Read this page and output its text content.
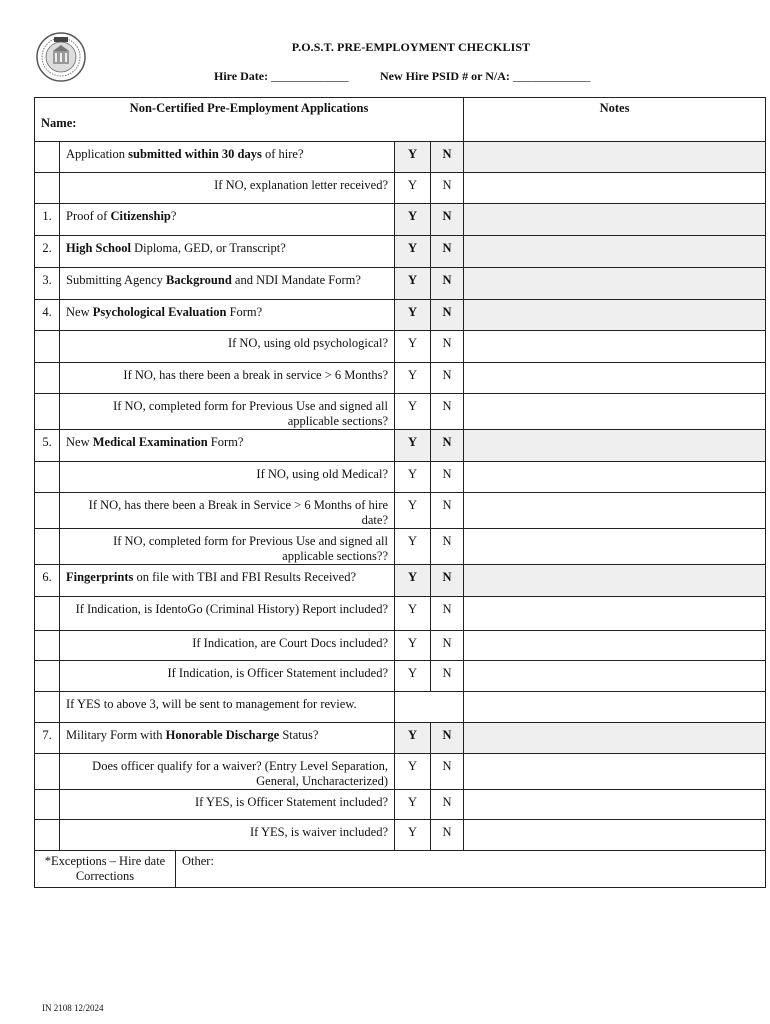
P.O.S.T. PRE-EMPLOYMENT CHECKLIST
Hire Date: ______________	New Hire PSID # or N/A: ______________
Non-Certified Pre-Employment Applications
Name:					Notes
	Application submitted within 30 days of hire?		Y	N	
	If NO, explanation letter received?		Y	N	
1.	Proof of Citizenship?		Y	N	
2.	High School Diploma, GED, or Transcript?		Y	N	
3.	Submitting Agency Background and NDI Mandate Form?		Y	N	
4.	New Psychological Evaluation Form?		Y	N	
	If NO, using old psychological?		Y	N	
	If NO, has there been a break in service > 6 Months?		Y	N	
	If NO, completed form for Previous Use and signed all applicable sections?		Y	N	
5.	New Medical Examination Form?		Y	N	
	If NO, using old Medical?		Y	N	
	If NO, has there been a Break in Service > 6 Months of hire date?		Y	N	
	If NO, completed form for Previous Use and signed all applicable sections??		Y	N	
6.	Fingerprints on file with TBI and FBI Results Received?		Y	N	
	If Indication, is IdentoGo (Criminal History) Report included?		Y	N	
	If Indication, are Court Docs included?		Y	N	
	If Indication, is Officer Statement included?		Y	N	
	If YES to above 3, will be sent to management for review.				
7.	Military Form with Honorable Discharge Status?		Y	N	
	Does officer qualify for a waiver? (Entry Level Separation, General, Uncharacterized)		Y	N	
	If YES, is Officer Statement included?		Y	N	
	If YES, is waiver included?		Y	N	
*Exceptions – Hire date Corrections		Other:			
IN 2108 12/2024
